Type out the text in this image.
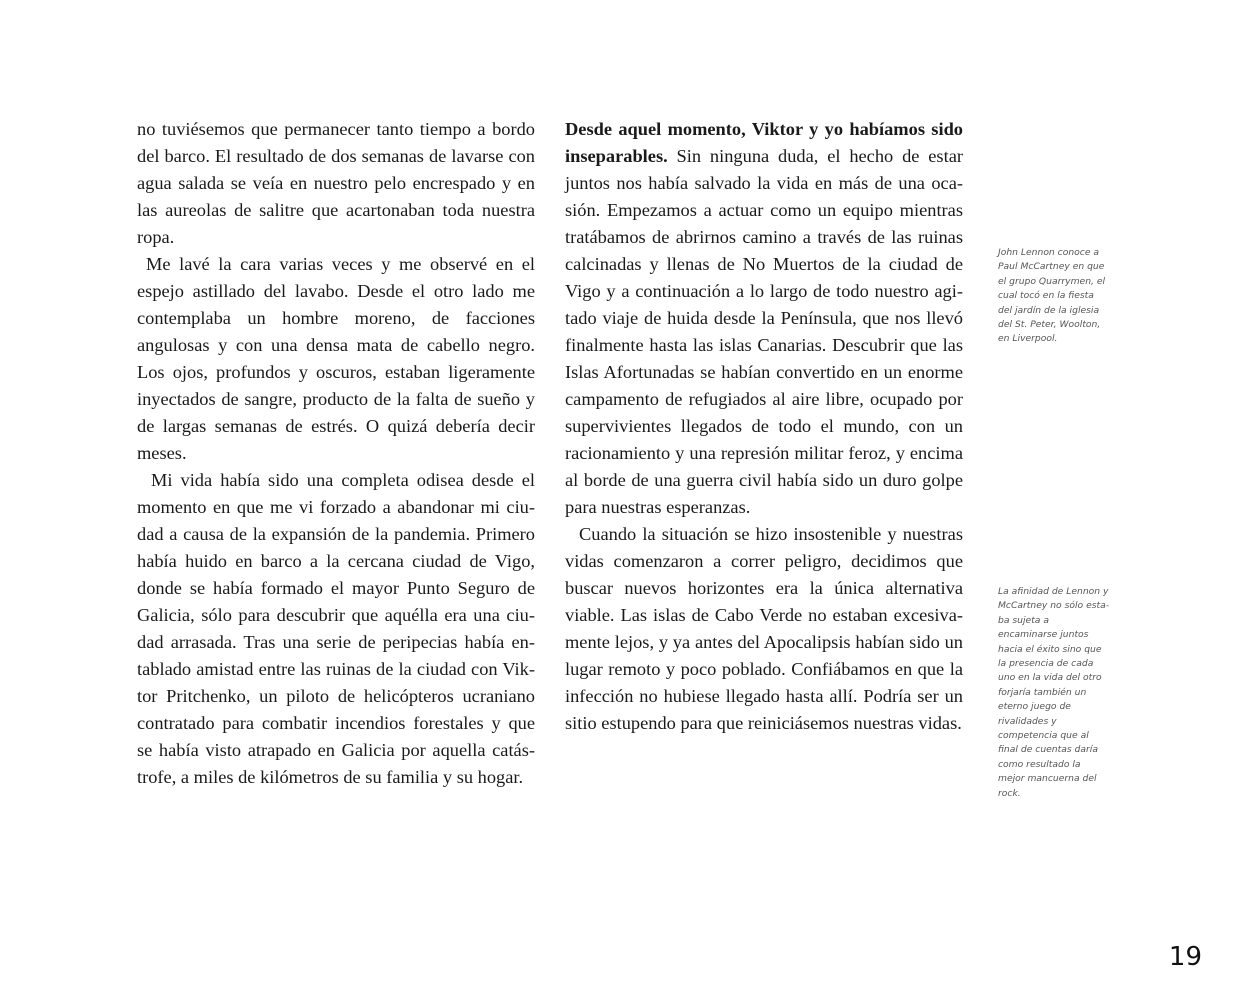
no tuviésemos que permanecer tanto tiempo a bordo del barco. El resultado de dos semanas de lavarse con agua salada se veía en nuestro pelo encrespado y en las aureolas de salitre que acartonaban toda nuestra ropa.

Me lavé la cara varias veces y me observé en el espejo astillado del lavabo. Desde el otro lado me contemplaba un hombre moreno, de facciones angulosas y con una densa mata de cabello negro. Los ojos, profundos y oscuros, estaban ligeramente inyectados de sangre, producto de la falta de sueño y de largas semanas de estrés. O quizá debería decir meses.

Mi vida había sido una completa odisea desde el momento en que me vi forzado a abandonar mi ciudad a causa de la expansión de la pandemia. Primero había huido en barco a la cercana ciudad de Vigo, donde se había formado el mayor Punto Seguro de Galicia, sólo para descubrir que aquélla era una ciudad arrasada. Tras una serie de peripecias había entablado amistad entre las ruinas de la ciudad con Viktor Pritchenko, un piloto de helicópteros ucraniano contratado para combatir incendios forestales y que se había visto atrapado en Galicia por aquella catástrofe, a miles de kilómetros de su familia y su hogar.

Desde aquel momento, Viktor y yo habíamos sido inseparables. Sin ninguna duda, el hecho de estar juntos nos había salvado la vida en más de una ocasión. Empezamos a actuar como un equipo mientras tratábamos de abrirnos camino a través de las ruinas calcinadas y llenas de No Muertos de la ciudad de Vigo y a continuación a lo largo de todo nuestro agitado viaje de huida desde la Península, que nos llevó finalmente hasta las islas Canarias. Descubrir que las Islas Afortunadas se habían convertido en un enorme campamento de refugiados al aire libre, ocupado por supervivientes llegados de todo el mundo, con un racionamiento y una represión militar feroz, y encima al borde de una guerra civil había sido un duro golpe para nuestras esperanzas.

Cuando la situación se hizo insostenible y nuestras vidas comenzaron a correr peligro, decidimos que buscar nuevos horizontes era la única alternativa viable. Las islas de Cabo Verde no estaban excesivamente lejos, y ya antes del Apocalipsis habían sido un lugar remoto y poco poblado. Confiábamos en que la infección no hubiese llegado hasta allí. Podría ser un sitio estupendo para que reiniciásemos nuestras vidas.

John Lennon conoce a Paul McCartney en que el grupo Quarrymen, el cual tocó en la fiesta del jardín de la iglesia del St. Peter, Woolton, en Liverpool.
La afinidad de Lennon y McCartney no sólo estaba sujeta a encaminarse juntos hacia el éxito sino que la presencia de cada uno en la vida del otro forjaría también un eterno juego de rivalidades y competencia que al final de cuentas daría como resultado la mejor mancuerna del rock.
19
